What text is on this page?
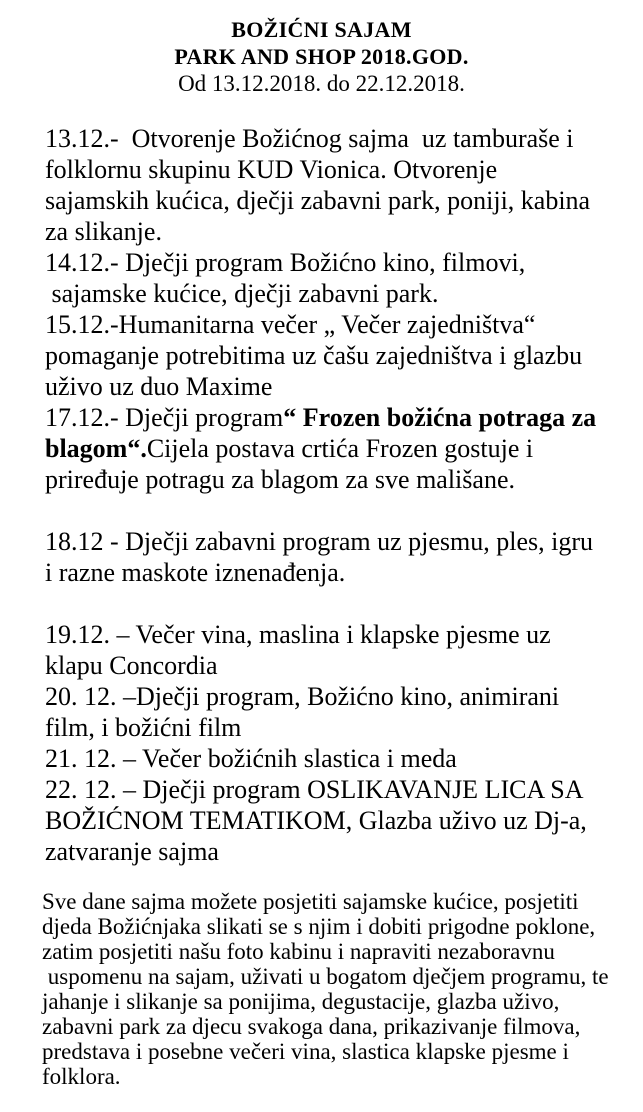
BOŽIĆNI SAJAM
PARK AND SHOP 2018.GOD.
Od 13.12.2018. do 22.12.2018.
13.12.-  Otvorenje Božićnog sajma  uz tamburaše i
folklornu skupinu KUD Vionica. Otvorenje
sajamskih kućica, dječji zabavni park, poniji, kabina
za slikanje.
14.12.- Dječji program Božićno kino, filmovi,
sajamske kućice, dječji zabavni park.
15.12.-Humanitarna večer „ Večer zajedništva“
pomaganje potrebitima uz čašu zajedništva i glazbu
uživo uz duo Maxime
17.12.- Dječji program“ Frozen božićna potraga za
blagom“.Cijela postava crtića Frozen gostuje i
priređuje potragu za blagom za sve mališane.
18.12 - Dječji zabavni program uz pjesmu, ples, igru
i razne maskote iznenađenja.
19.12. – Večer vina, maslina i klapske pjesme uz
klapu Concordia
20. 12. –Dječji program, Božićno kino, animirani
film, i božićni film
21. 12. – Večer božićnih slastica i meda
22. 12. – Dječji program OSLIKAVANJE LICA SA
BOŽIĆNOM TEMATIKOM, Glazba uživo uz Dj-a,
zatvaranje sajma
Sve dane sajma možete posjetiti sajamske kućice, posjetiti
djeda Božićnjaka slikati se s njim i dobiti prigodne poklone,
zatim posjetiti našu foto kabinu i napraviti nezaboravnu
uspomenu na sajam, uživati u bogatom dječjem programu, te
jahanje i slikanje sa ponijima, degustacije, glazba uživo,
zabavni park za djecu svakoga dana, prikazivanje filmova,
predstava i posebne večeri vina, slastica klapske pjesme i
folklora.
